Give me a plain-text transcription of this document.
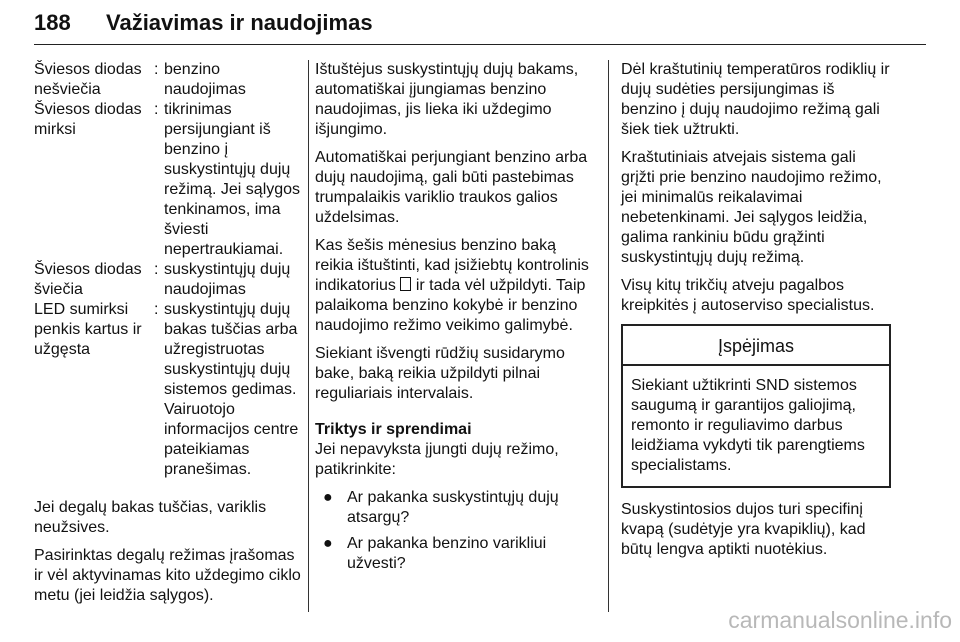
188 Važiavimas ir naudojimas
Šviesos diodas nešviečia
: benzino naudojimas
Šviesos diodas mirksi
: tikrinimas persijungiant iš benzino į suskystintųjų dujų režimą. Jei sąlygos tenkinamos, ima šviesti nepertraukiamai.
Šviesos diodas šviečia
: suskystintųjų dujų naudojimas
LED sumirksi penkis kartus ir užgęsta
: suskystintųjų dujų bakas tuščias arba užregistruotas suskystintųjų dujų sistemos gedimas. Vairuotojo informacijos centre pateikiamas pranešimas.

Jei degalų bakas tuščias, variklis neužsives.

Pasirinktas degalų režimas įrašomas ir vėl aktyvinamas kito uždegimo ciklo metu (jei leidžia sąlygos).

Ištuštėjus suskystintųjų dujų bakams, automatiškai įjungiamas benzino naudojimas, jis lieka iki uždegimo išjungimo.

Automatiškai perjungiant benzino arba dujų naudojimą, gali būti pastebimas trumpalaikis variklio traukos galios uždelsimas.

Kas šešis mėnesius benzino baką reikia ištuštinti, kad įsižiebtų kontrolinis indikatorius  ir tada vėl užpildyti. Taip palaikoma benzino kokybė ir benzino naudojimo režimo veikimo galimybė.

Siekiant išvengti rūdžių susidarymo bake, baką reikia užpildyti pilnai reguliariais intervalais.

Triktys ir sprendimai

Jei nepavyksta įjungti dujų režimo, patikrinkite:

● Ar pakanka suskystintųjų dujų atsargų?
● Ar pakanka benzino varikliui užvesti?

Dėl kraštutinių temperatūros rodiklių ir dujų sudėties persijungimas iš benzino į dujų naudojimo režimą gali šiek tiek užtrukti.

Kraštutiniais atvejais sistema gali grįžti prie benzino naudojimo režimo, jei minimalūs reikalavimai nebetenkinami. Jei sąlygos leidžia, galima rankiniu būdu grąžinti suskystintųjų dujų režimą.

Visų kitų trikčių atveju pagalbos kreipkitės į autoserviso specialistus.

Įspėjimas
Siekiant užtikrinti SND sistemos saugumą ir garantijos galiojimą, remonto ir reguliavimo darbus leidžiama vykdyti tik parengtiems specialistams.

Suskystintosios dujos turi specifinį kvapą (sudėtyje yra kvapiklių), kad būtų lengva aptikti nuotėkius.

carmanualsonline.info
